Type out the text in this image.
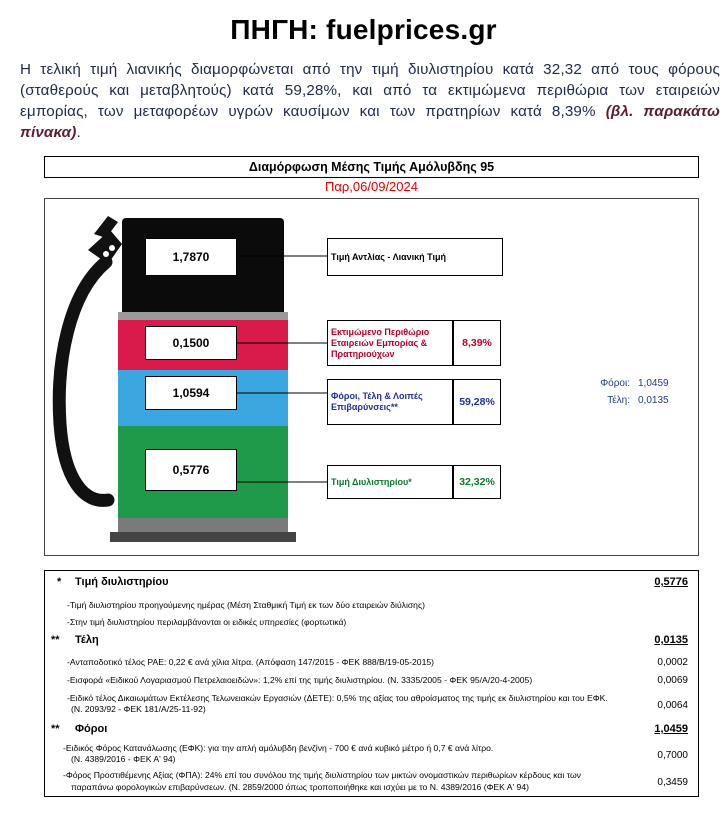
ΠΗΓΗ: fuelprices.gr

Η τελική τιμή λιανικής διαμορφώνεται από την τιμή διυλιστηρίου κατά 32,32 από τους φόρους (σταθερούς και μεταβλητούς) κατά 59,28%, και από τα εκτιμώμενα περιθώρια των εταιρειών εμπορίας, των μεταφορέων υγρών καυσίμων και των πρατηρίων κατά 8,39% (βλ. παρακάτω πίνακα).

Διαμόρφωση Μέσης Τιμής Αμόλυβδης 95
Παρ,06/09/2024
1,7870
0,1500
1,0594
0,5776
Τιμή Αντλίας - Λιανική Τιμή
Εκτιμώμενο Περιθώριο Εταιρειών Εμπορίας & Πρατηριούχων
8,39%
Φόροι, Τέλη & Λοιπές Επιβαρύνσεις**	59,28%
Τιμή Διυλιστηρίου*	32,32%
Φόροι: 1,0459
Τέλη: 0,0135
* Τιμή διυλιστηρίου	0,5776
-Τιμή διυλιστηρίου προηγούμενης ημέρας (Μέση Σταθμική Τιμή εκ των δύο εταιρειών διύλισης)
-Στην τιμή διυλιστηρίου περιλαμβάνονται οι ειδικές υπηρεσίες (φορτωτικά)
** Τέλη	0,0135
-Ανταποδοτικό τέλος ΡΑΕ: 0,22 € ανά χίλια λίτρα. (Απόφαση 147/2015 - ΦΕΚ 888/Β/19-05-2015)	0,0002
-Εισφορά «Ειδικού Λογαριασμού Πετρελαιοειδών»: 1,2% επί της τιμής διυλιστηρίου. (Ν. 3335/2005 - ΦΕΚ 95/Α/20-4-2005)	0,0069
-Ειδικό τέλος Δικαιωμάτων Εκτέλεσης Τελωνειακών Εργασιών (ΔΕΤΕ): 0,5% της αξίας του αθροίσματος της τιμής εκ διυλιστηρίου και του ΕΦΚ.
(Ν. 2093/92 - ΦΕΚ 181/Α/25-11-92)	0,0064
** Φόροι	1,0459
-Ειδικός Φόρος Κατανάλωσης (ΕΦΚ): για την απλή αμόλυβδη βενζίνη - 700 € ανά κυβικό μέτρο ή 0,7 € ανά λίτρο.
(Ν. 4389/2016 - ΦΕΚ Α' 94)	0,7000
-Φόρος Προστιθέμενης Αξίας (ΦΠΑ): 24% επί του συνόλου της τιμής διυλιστηρίου των μικτών ονομαστικών περιθωρίων κέρδους και των
παραπάνω φορολογικών επιβαρύνσεων. (Ν. 2859/2000 όπως τροποποιήθηκε και ισχύει με το Ν. 4389/2016 (ΦΕΚ Α' 94)	0,3459
